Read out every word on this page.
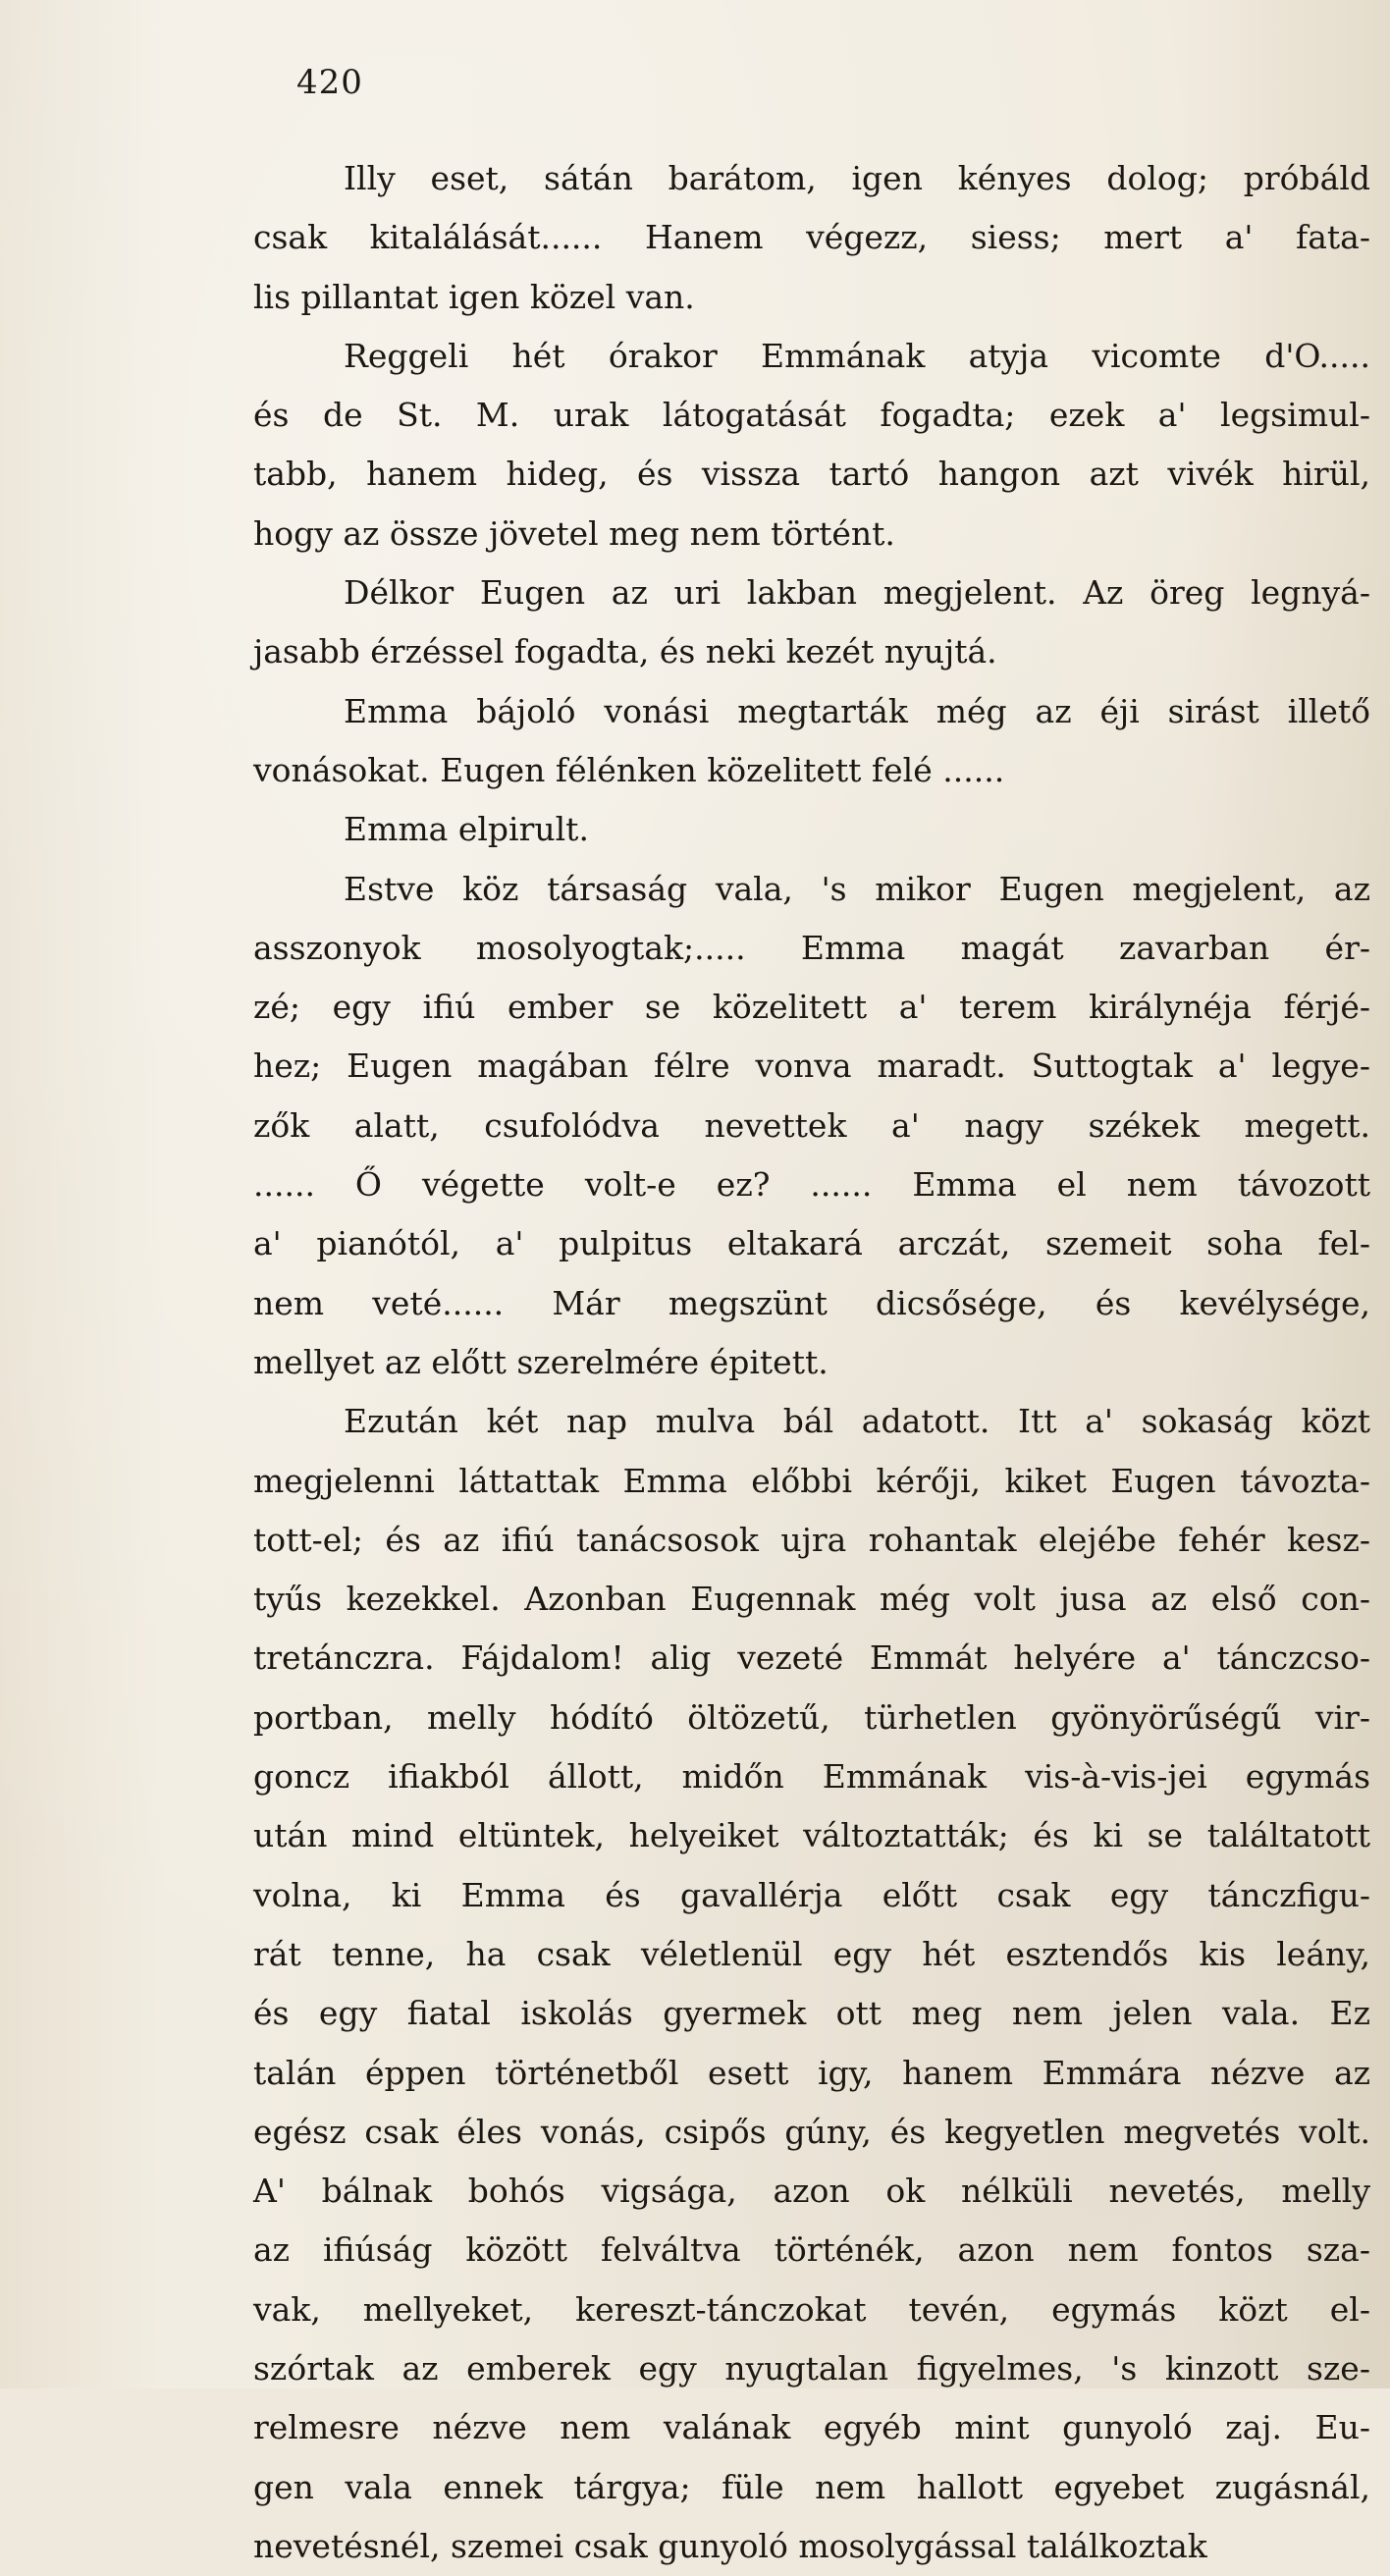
420
Illy eset, sátán barátom, igen kényes dolog; próbáld
csak kitalálását...... Hanem végezz, siess; mert a' fata-
lis pillantat igen közel van.
Reggeli hét órakor Emmának atyja vicomte d'O.....
és de St. M. urak látogatását fogadta; ezek a' legsimul-
tabb, hanem hideg, és vissza tartó hangon azt vivék hirül,
hogy az össze jövetel meg nem történt.
Délkor Eugen az uri lakban megjelent. Az öreg legnyá-
jasabb érzéssel fogadta, és neki kezét nyujtá.
Emma bájoló vonási megtarták még az éji sirást illető
vonásokat. Eugen félénken közelitett felé ......
Emma elpirult.
Estve köz társaság vala, 's mikor Eugen megjelent, az
asszonyok mosolyogtak;..... Emma magát zavarban ér-
zé; egy ifiú ember se közelitett a' terem királynéja férjé-
hez; Eugen magában félre vonva maradt. Suttogtak a' legye-
zők alatt, csufolódva nevettek a' nagy székek megett.
...... Ő végette volt-e ez? ...... Emma el nem távozott
a' pianótól, a' pulpitus eltakará arczát, szemeit soha fel-
nem veté...... Már megszünt dicsősége, és kevélysége,
mellyet az előtt szerelmére épitett.
Ezután két nap mulva bál adatott. Itt a' sokaság közt
megjelenni láttattak Emma előbbi kérőji, kiket Eugen távozta-
tott-el; és az ifiú tanácsosok ujra rohantak elejébe fehér kesz-
tyűs kezekkel. Azonban Eugennak még volt jusa az első con-
tretánczra. Fájdalom! alig vezeté Emmát helyére a' tánczcso-
portban, melly hódító öltözetű, türhetlen gyönyörűségű vir-
goncz ifiakból állott, midőn Emmának vis-à-vis-jei egymás
után mind eltüntek, helyeiket változtatták; és ki se találtatott
volna, ki Emma és gavallérja előtt csak egy tánczfigu-
rát tenne, ha csak véletlenül egy hét esztendős kis leány,
és egy fiatal iskolás gyermek ott meg nem jelen vala. Ez
talán éppen történetből esett igy, hanem Emmára nézve az
egész csak éles vonás, csipős gúny, és kegyetlen megvetés volt.
A' bálnak bohós vigsága, azon ok nélküli nevetés, melly
az ifiúság között felváltva történék, azon nem fontos sza-
vak, mellyeket, kereszt-tánczokat tevén, egymás közt el-
szórtak az emberek egy nyugtalan figyelmes, 's kinzott sze-
relmesre nézve nem valának egyéb mint gunyoló zaj. Eu-
gen vala ennek tárgya; füle nem hallott egyebet zugásnál,
nevetésnél, szemei csak gunyoló mosolygással találkoztak
